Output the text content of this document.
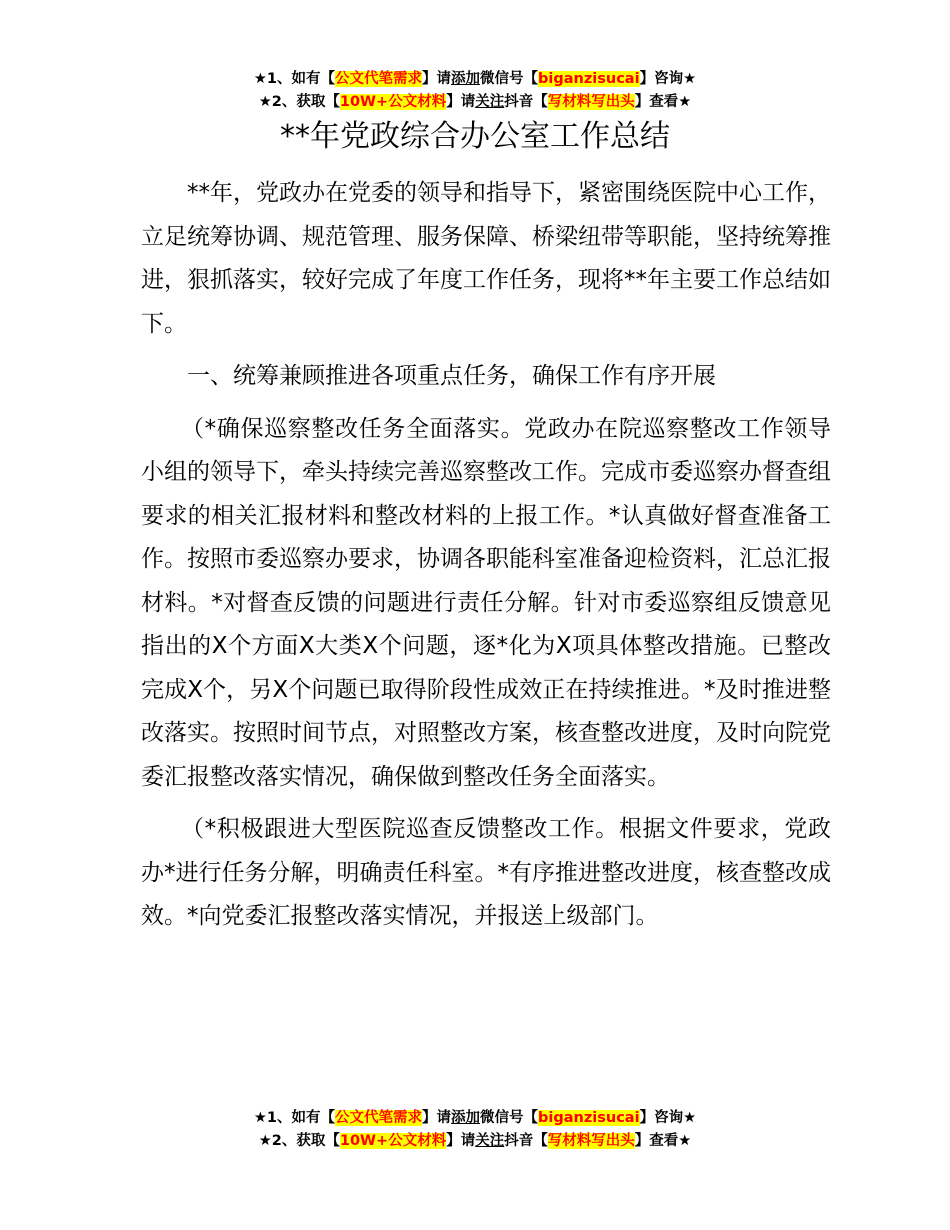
★1、如有【公文代笔需求】请添加微信号【biganzisucai】咨询★
★2、获取【10W+公文材料】请关注抖音【写材料写出头】查看★
**年党政综合办公室工作总结

**年，党政办在党委的领导和指导下，紧密围绕医院中心工作，立足统筹协调、规范管理、服务保障、桥梁纽带等职能，坚持统筹推进，狠抓落实，较好完成了年度工作任务，现将**年主要工作总结如下。

一、统筹兼顾推进各项重点任务，确保工作有序开展

（*确保巡察整改任务全面落实。党政办在院巡察整改工作领导小组的领导下，牵头持续完善巡察整改工作。完成市委巡察办督查组要求的相关汇报材料和整改材料的上报工作。*认真做好督查准备工作。按照市委巡察办要求，协调各职能科室准备迎检资料，汇总汇报材料。*对督查反馈的问题进行责任分解。针对市委巡察组反馈意见指出的X个方面X大类X个问题，逐*化为X项具体整改措施。已整改完成X个，另X个问题已取得阶段性成效正在持续推进。*及时推进整改落实。按照时间节点，对照整改方案，核查整改进度，及时向院党委汇报整改落实情况，确保做到整改任务全面落实。

（*积极跟进大型医院巡查反馈整改工作。根据文件要求，党政办*进行任务分解，明确责任科室。*有序推进整改进度，核查整改成效。*向党委汇报整改落实情况，并报送上级部门。

★1、如有【公文代笔需求】请添加微信号【biganzisucai】咨询★
★2、获取【10W+公文材料】请关注抖音【写材料写出头】查看★
